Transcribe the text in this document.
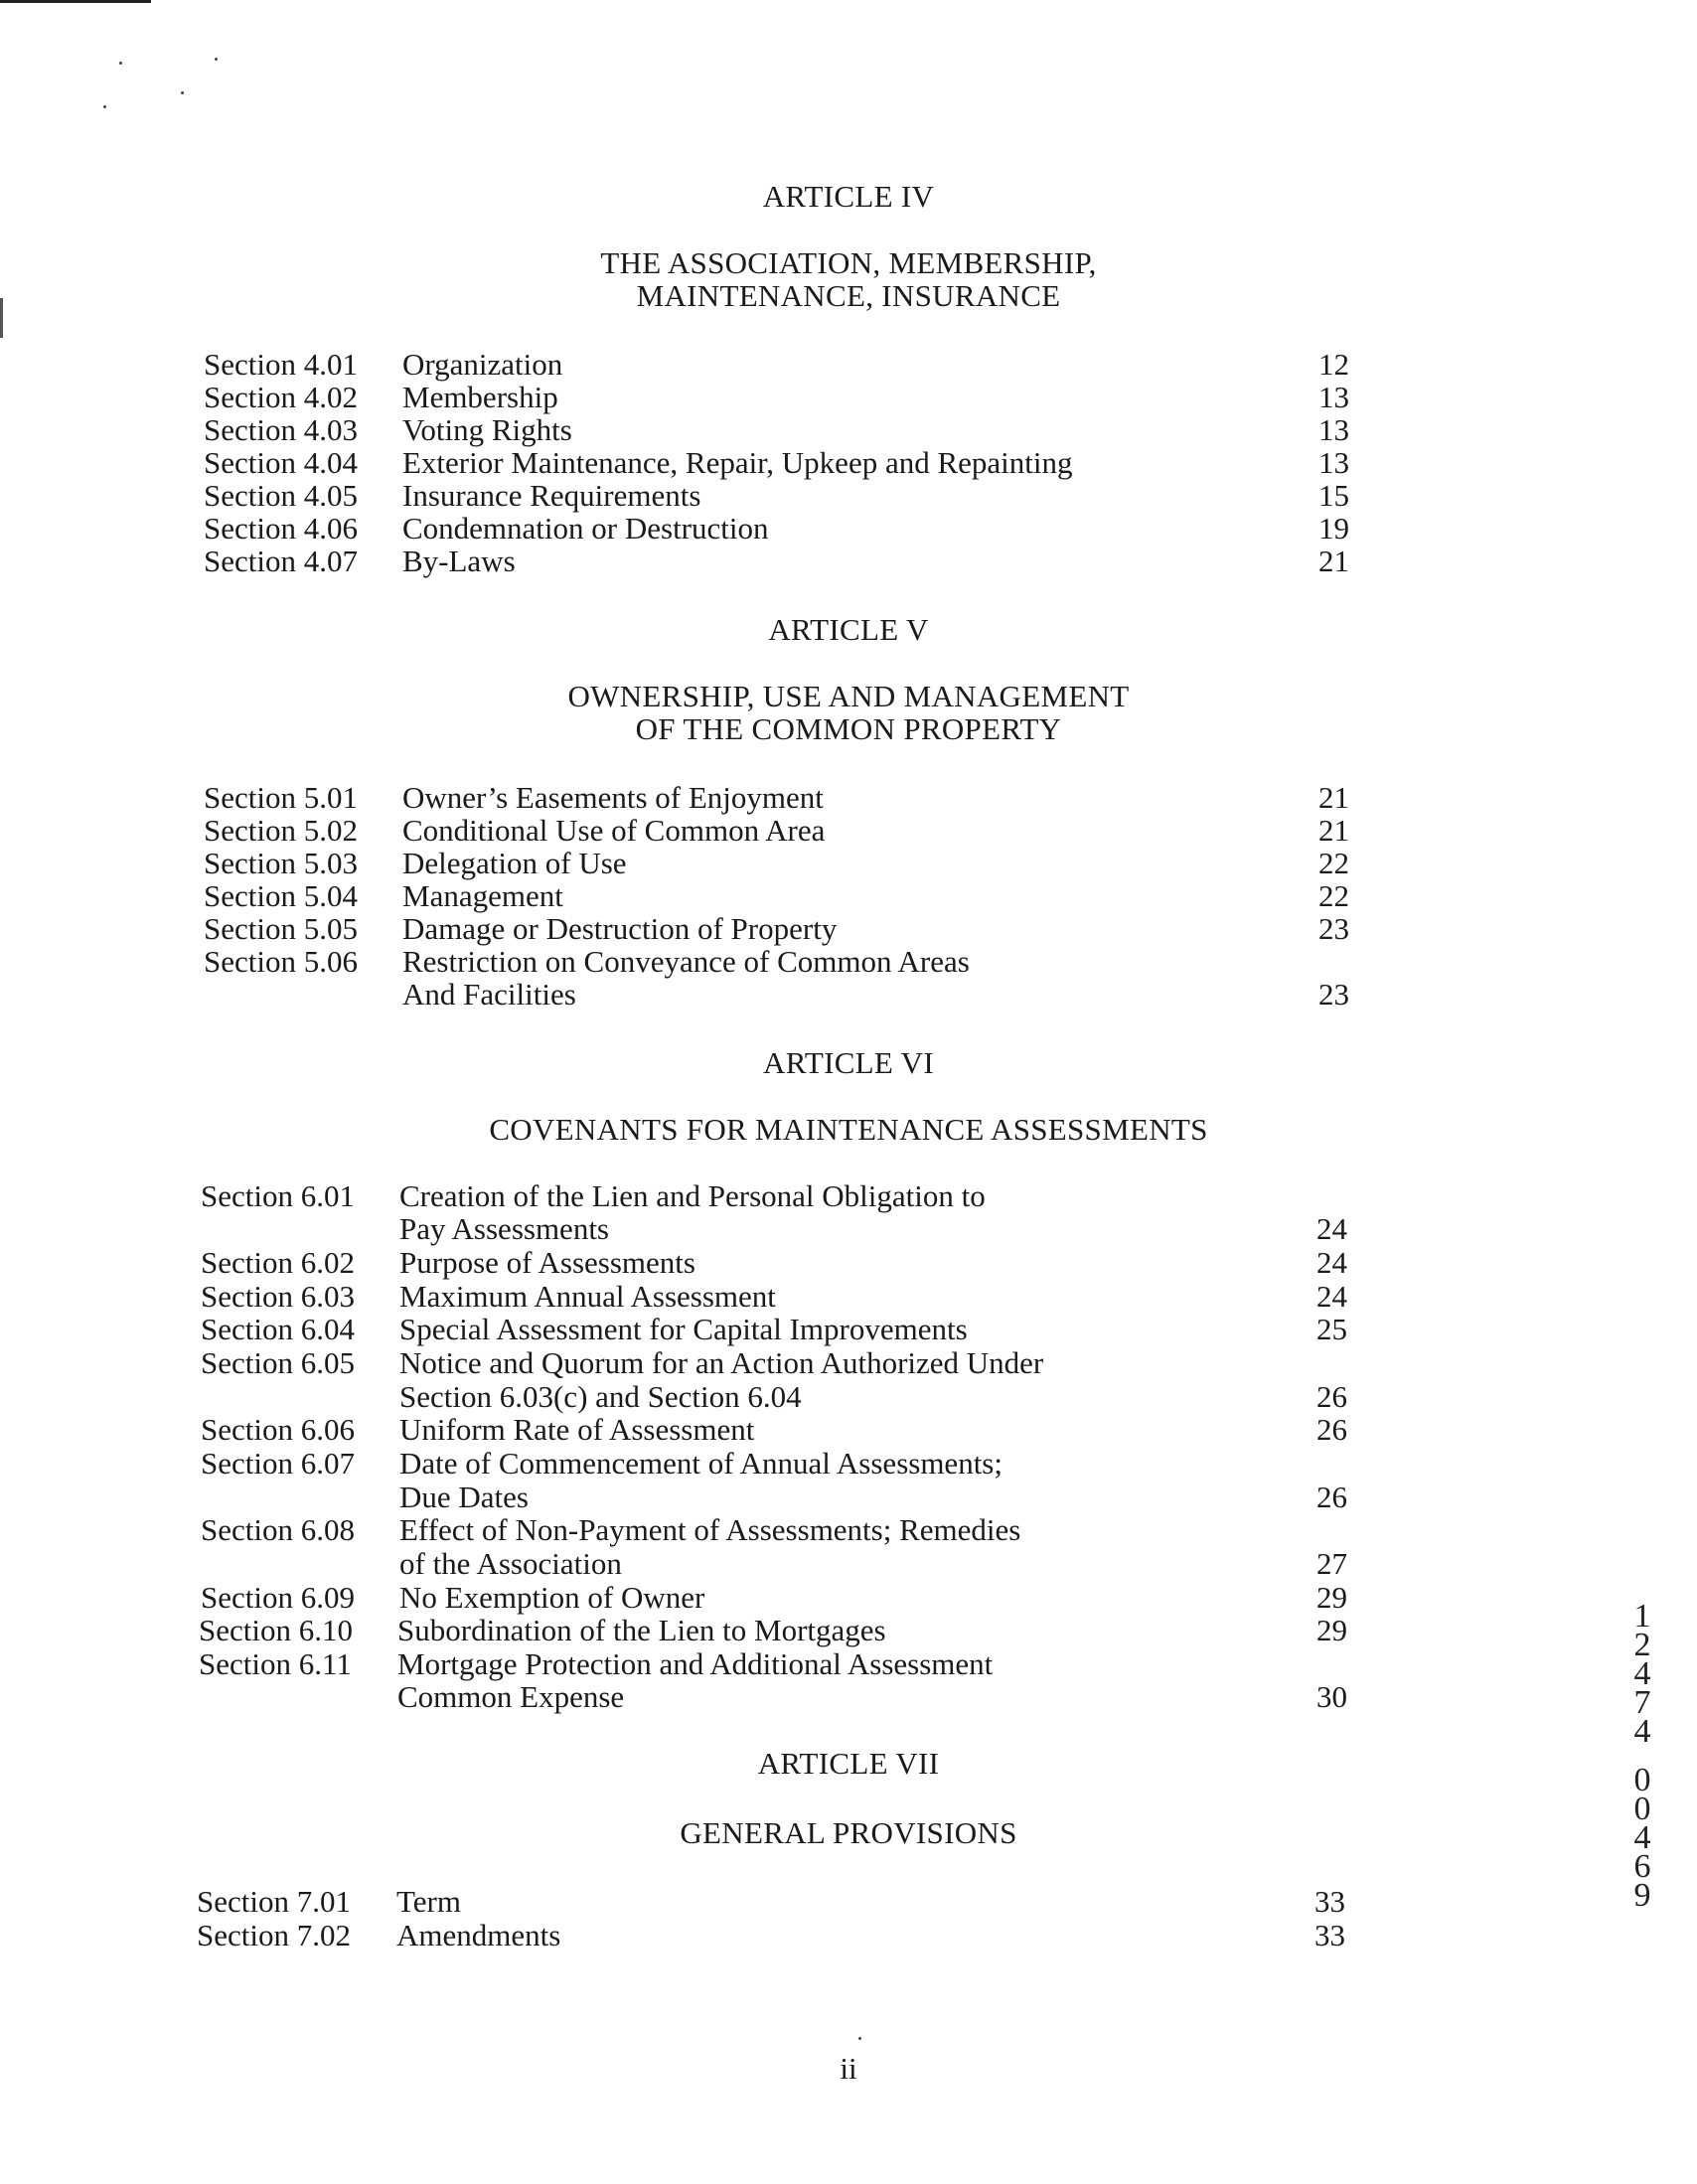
ARTICLE IV
THE ASSOCIATION, MEMBERSHIP,
MAINTENANCE, INSURANCE
Section 4.01 Organization	12
Section 4.02 Membership	13
Section 4.03 Voting Rights	13
Section 4.04 Exterior Maintenance, Repair, Upkeep and Repainting	13
Section 4.05 Insurance Requirements	15
Section 4.06 Condemnation or Destruction	19
Section 4.07 By-Laws	21
ARTICLE V
OWNERSHIP, USE AND MANAGEMENT
OF THE COMMON PROPERTY
Section 5.01 Owner’s Easements of Enjoyment	21
Section 5.02 Conditional Use of Common Area	21
Section 5.03 Delegation of Use	22
Section 5.04 Management	22
Section 5.05 Damage or Destruction of Property	23
Section 5.06 Restriction on Conveyance of Common Areas
And Facilities	23
ARTICLE VI
COVENANTS FOR MAINTENANCE ASSESSMENTS
Section 6.01 Creation of the Lien and Personal Obligation to
Pay Assessments	24
Section 6.02 Purpose of Assessments	24
Section 6.03 Maximum Annual Assessment	24
Section 6.04 Special Assessment for Capital Improvements	25
Section 6.05 Notice and Quorum for an Action Authorized Under
Section 6.03(c) and Section 6.04	26
Section 6.06 Uniform Rate of Assessment	26
Section 6.07 Date of Commencement of Annual Assessments;
Due Dates	26
Section 6.08 Effect of Non-Payment of Assessments; Remedies
of the Association	27
Section 6.09 No Exemption of Owner	29
Section 6.10 Subordination of the Lien to Mortgages	29
Section 6.11 Mortgage Protection and Additional Assessment
Common Expense	30
ARTICLE VII
GENERAL PROVISIONS
Section 7.01 Term	33
Section 7.02 Amendments	33
1
2
4
7
4
0
0
4
6
9
ii
